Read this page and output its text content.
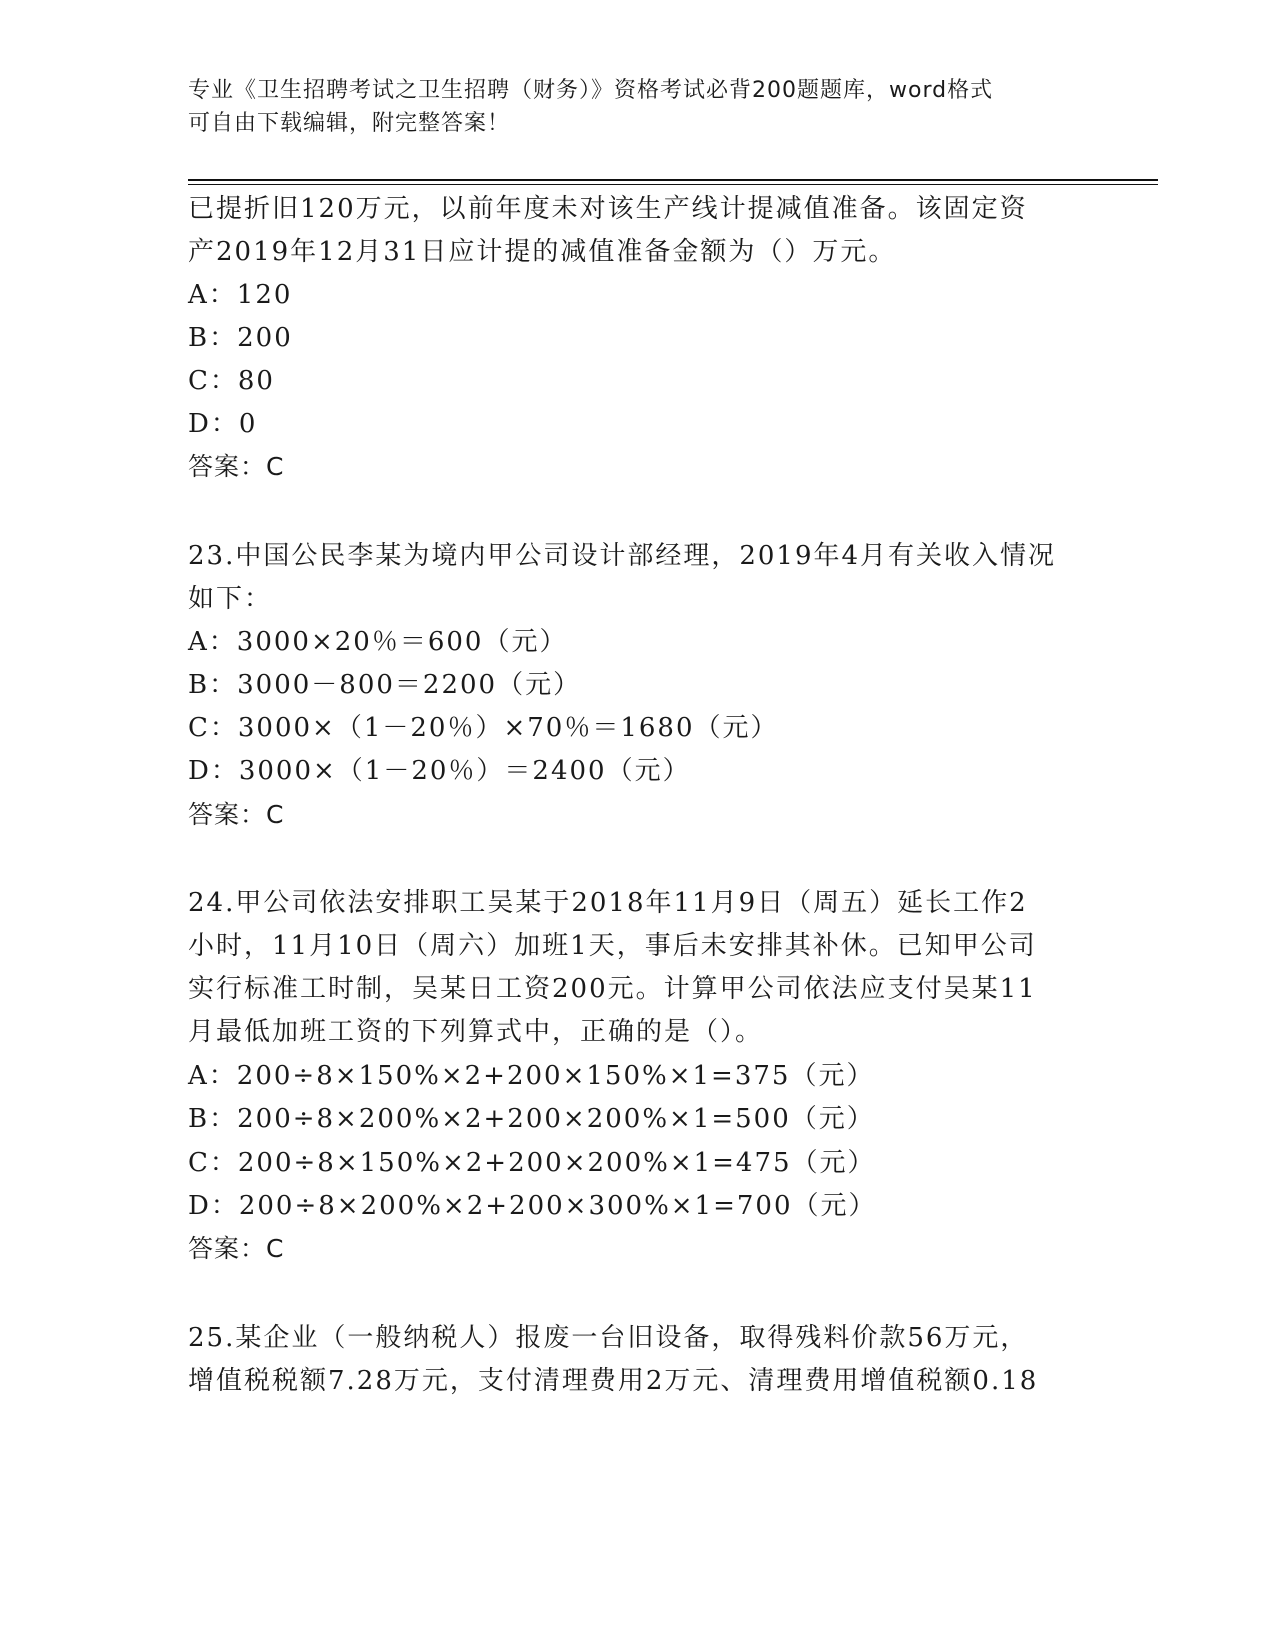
专业《卫生招聘考试之卫生招聘（财务）》资格考试必背200题题库，word格式
可自由下载编辑，附完整答案！
已提折旧120万元，以前年度未对该生产线计提减值准备。该固定资
产2019年12月31日应计提的减值准备金额为（）万元。
A：120
B：200
C：80
D：0
答案：C
23.中国公民李某为境内甲公司设计部经理，2019年4月有关收入情况
如下：
A：3000×20％＝600（元）
B：3000－800＝2200（元）
C：3000×（1－20％）×70％＝1680（元）
D：3000×（1－20％）＝2400（元）
答案：C
24.甲公司依法安排职工吴某于2018年11月9日（周五）延长工作2
小时，11月10日（周六）加班1天，事后未安排其补休。已知甲公司
实行标准工时制，吴某日工资200元。计算甲公司依法应支付吴某11
月最低加班工资的下列算式中，正确的是（）。
A：200÷8×150%×2+200×150%×1=375（元）
B：200÷8×200%×2+200×200%×1=500（元）
C：200÷8×150%×2+200×200%×1=475（元）
D：200÷8×200%×2+200×300%×1=700（元）
答案：C
25.某企业（一般纳税人）报废一台旧设备，取得残料价款56万元，
增值税税额7.28万元，支付清理费用2万元、清理费用增值税额0.18
